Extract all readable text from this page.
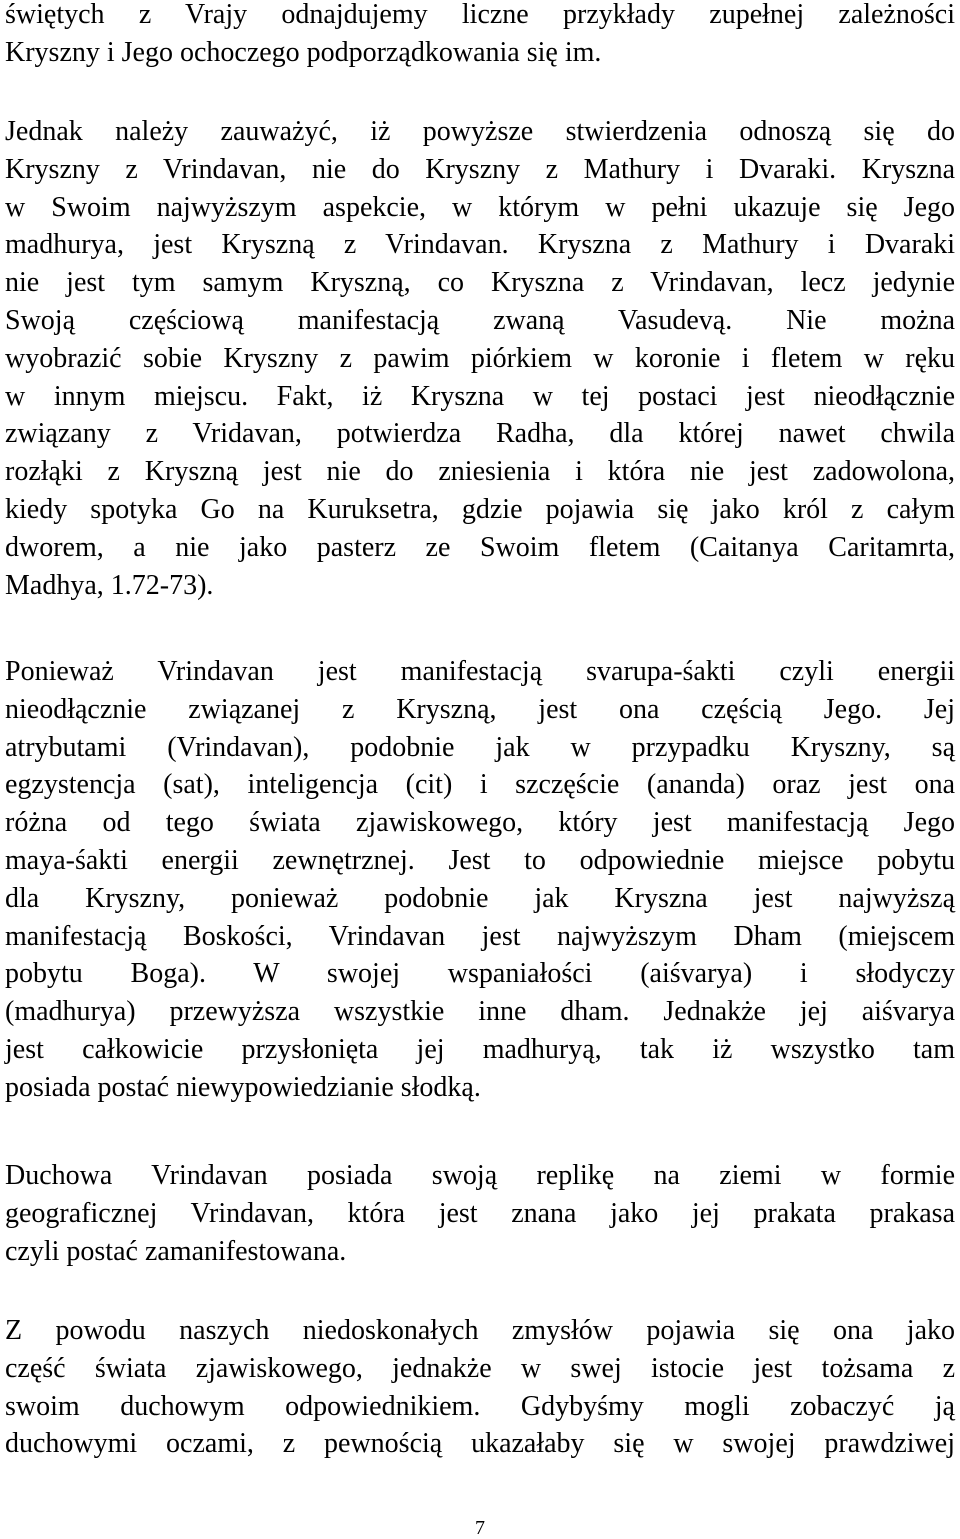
świętych z Vrajy odnajdujemy liczne przykłady zupełnej zależności
Kryszny i Jego ochoczego podporządkowania się im.
Jednak należy zauważyć, iż powyższe stwierdzenia odnoszą się do
Kryszny z Vrindavan, nie do Kryszny z Mathury i Dvaraki. Kryszna
w Swoim najwyższym aspekcie, w którym w pełni ukazuje się Jego
madhurya, jest Kryszną z Vrindavan. Kryszna z Mathury i Dvaraki
nie jest tym samym Kryszną, co Kryszna z Vrindavan, lecz jedynie
Swoją częściową manifestacją zwaną Vasudevą. Nie można
wyobrazić sobie Kryszny z pawim piórkiem w koronie i fletem w ręku
w innym miejscu. Fakt, iż Kryszna w tej postaci jest nieodłącznie
związany z Vridavan, potwierdza Radha, dla której nawet chwila
rozłąki z Kryszną jest nie do zniesienia i która nie jest zadowolona,
kiedy spotyka Go na Kuruksetra, gdzie pojawia się jako król z całym
dworem, a nie jako pasterz ze Swoim fletem (Caitanya Caritamrta,
Madhya, 1.72-73).
Ponieważ Vrindavan jest manifestacją svarupa-śakti czyli energii
nieodłącznie związanej z Kryszną, jest ona częścią Jego. Jej
atrybutami (Vrindavan), podobnie jak w przypadku Kryszny, są
egzystencja (sat), inteligencja (cit) i szczęście (ananda) oraz jest ona
różna od tego świata zjawiskowego, który jest manifestacją Jego
maya-śakti energii zewnętrznej. Jest to odpowiednie miejsce pobytu
dla Kryszny, ponieważ podobnie jak Kryszna jest najwyższą
manifestacją Boskości, Vrindavan jest najwyższym Dham (miejscem
pobytu Boga). W swojej wspaniałości (aiśvarya) i słodyczy
(madhurya) przewyższa wszystkie inne dham. Jednakże jej aiśvarya
jest całkowicie przysłonięta jej madhuryą, tak iż wszystko tam
posiada postać niewypowiedzianie słodką.
Duchowa Vrindavan posiada swoją replikę na ziemi w formie
geograficznej Vrindavan, która jest znana jako jej prakata prakasa
czyli postać zamanifestowana.
Z powodu naszych niedoskonałych zmysłów pojawia się ona jako
część świata zjawiskowego, jednakże w swej istocie jest tożsama z
swoim duchowym odpowiednikiem. Gdybyśmy mogli zobaczyć ją
duchowymi oczami, z pewnością ukazałaby się w swojej prawdziwej
7
